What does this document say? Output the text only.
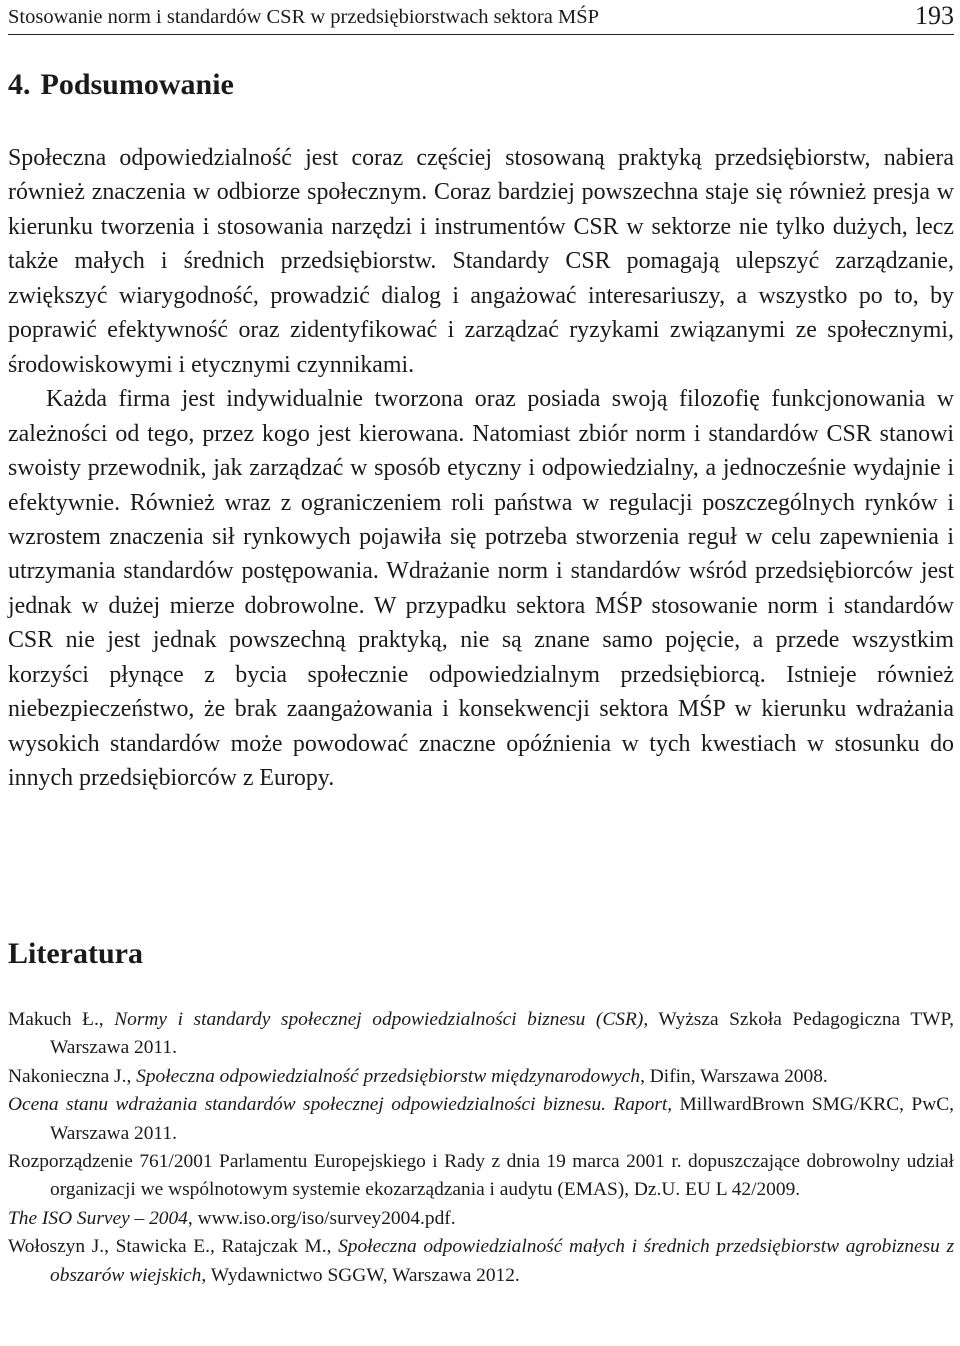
Stosowanie norm i standardów CSR w przedsiębiorstwach sektora MŚP	193
4. Podsumowanie

Społeczna odpowiedzialność jest coraz częściej stosowaną praktyką przedsiębiorstw, nabiera również znaczenia w odbiorze społecznym. Coraz bardziej powszechna staje się również presja w kierunku tworzenia i stosowania narzędzi i instrumentów CSR w sektorze nie tylko dużych, lecz także małych i średnich przedsiębiorstw. Standardy CSR pomagają ulepszyć zarządzanie, zwiększyć wiarygodność, prowadzić dialog i angażować interesariuszy, a wszystko po to, by poprawić efektywność oraz zidentyfikować i zarządzać ryzykami związanymi ze społecznymi, środowiskowymi i etycznymi czynnikami.

Każda firma jest indywidualnie tworzona oraz posiada swoją filozofię funkcjonowania w zależności od tego, przez kogo jest kierowana. Natomiast zbiór norm i standardów CSR stanowi swoisty przewodnik, jak zarządzać w sposób etyczny i odpowiedzialny, a jednocześnie wydajnie i efektywnie. Również wraz z ograniczeniem roli państwa w regulacji poszczególnych rynków i wzrostem znaczenia sił rynkowych pojawiła się potrzeba stworzenia reguł w celu zapewnienia i utrzymania standardów postępowania. Wdrażanie norm i standardów wśród przedsiębiorców jest jednak w dużej mierze dobrowolne. W przypadku sektora MŚP stosowanie norm i standardów CSR nie jest jednak powszechną praktyką, nie są znane samo pojęcie, a przede wszystkim korzyści płynące z bycia społecznie odpowiedzialnym przedsiębiorcą. Istnieje również niebezpieczeństwo, że brak zaangażowania i konsekwencji sektora MŚP w kierunku wdrażania wysokich standardów może powodować znaczne opóźnienia w tych kwestiach w stosunku do innych przedsiębiorców z Europy.

Literatura
Makuch Ł., Normy i standardy społecznej odpowiedzialności biznesu (CSR), Wyższa Szkoła Pedagogiczna TWP, Warszawa 2011.
Nakonieczna J., Społeczna odpowiedzialność przedsiębiorstw międzynarodowych, Difin, Warszawa 2008.
Ocena stanu wdrażania standardów społecznej odpowiedzialności biznesu. Raport, MillwardBrown SMG/KRC, PwC, Warszawa 2011.
Rozporządzenie 761/2001 Parlamentu Europejskiego i Rady z dnia 19 marca 2001 r. dopuszczające dobrowolny udział organizacji we wspólnotowym systemie ekozarządzania i audytu (EMAS), Dz.U. EU L 42/2009.
The ISO Survey – 2004, www.iso.org/iso/survey2004.pdf.
Wołoszyn J., Stawicka E., Ratajczak M., Społeczna odpowiedzialność małych i średnich przedsiębiorstw agrobiznesu z obszarów wiejskich, Wydawnictwo SGGW, Warszawa 2012.
